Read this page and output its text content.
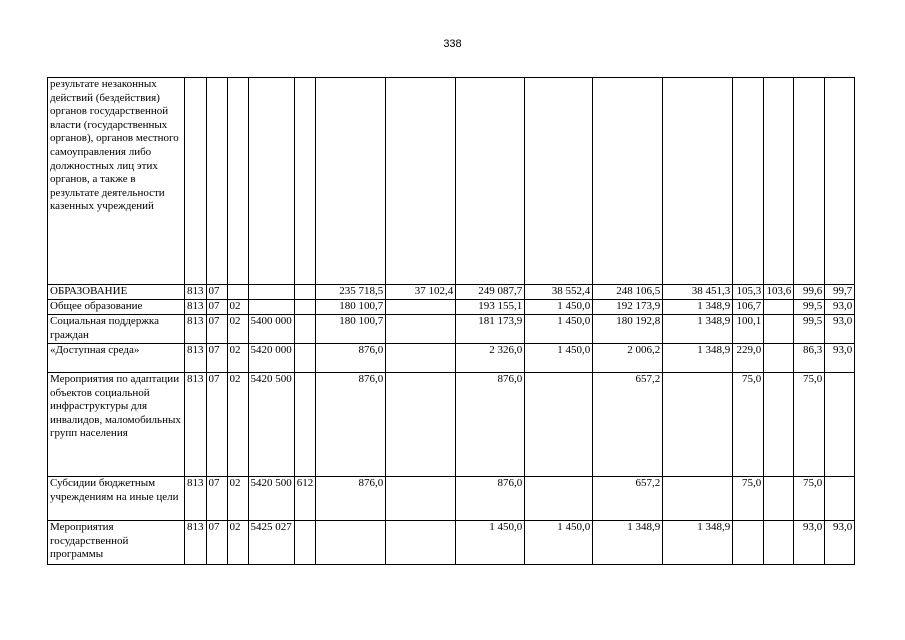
338
результате незаконных действий (бездействия) органов государственной власти (государственных органов), органов местного самоуправления либо должностных лиц этих органов, а также в результате деятельности казенных учреждений															
ОБРАЗОВАНИЕ	813	07				235 718,5	37 102,4	249 087,7	38 552,4	248 106,5	38 451,3	105,3	103,6	99,6	99,7
Общее образование	813	07	02			180 100,7		193 155,1	1 450,0	192 173,9	1 348,9	106,7		99,5	93,0
Социальная поддержка граждан	813	07	02	5400 000		180 100,7		181 173,9	1 450,0	180 192,8	1 348,9	100,1		99,5	93,0
«Доступная среда»	813	07	02	5420 000		876,0		2 326,0	1 450,0	2 006,2	1 348,9	229,0		86,3	93,0
Мероприятия по адаптации объектов социальной инфраструктуры для инвалидов, маломобильных групп населения	813	07	02	5420 500		876,0		876,0		657,2		75,0		75,0	
Субсидии бюджетным учреждениям на иные цели	813	07	02	5420 500	612	876,0		876,0		657,2		75,0		75,0	
Мероприятия государственной программы	813	07	02	5425 027				1 450,0	1 450,0	1 348,9	1 348,9			93,0	93,0
